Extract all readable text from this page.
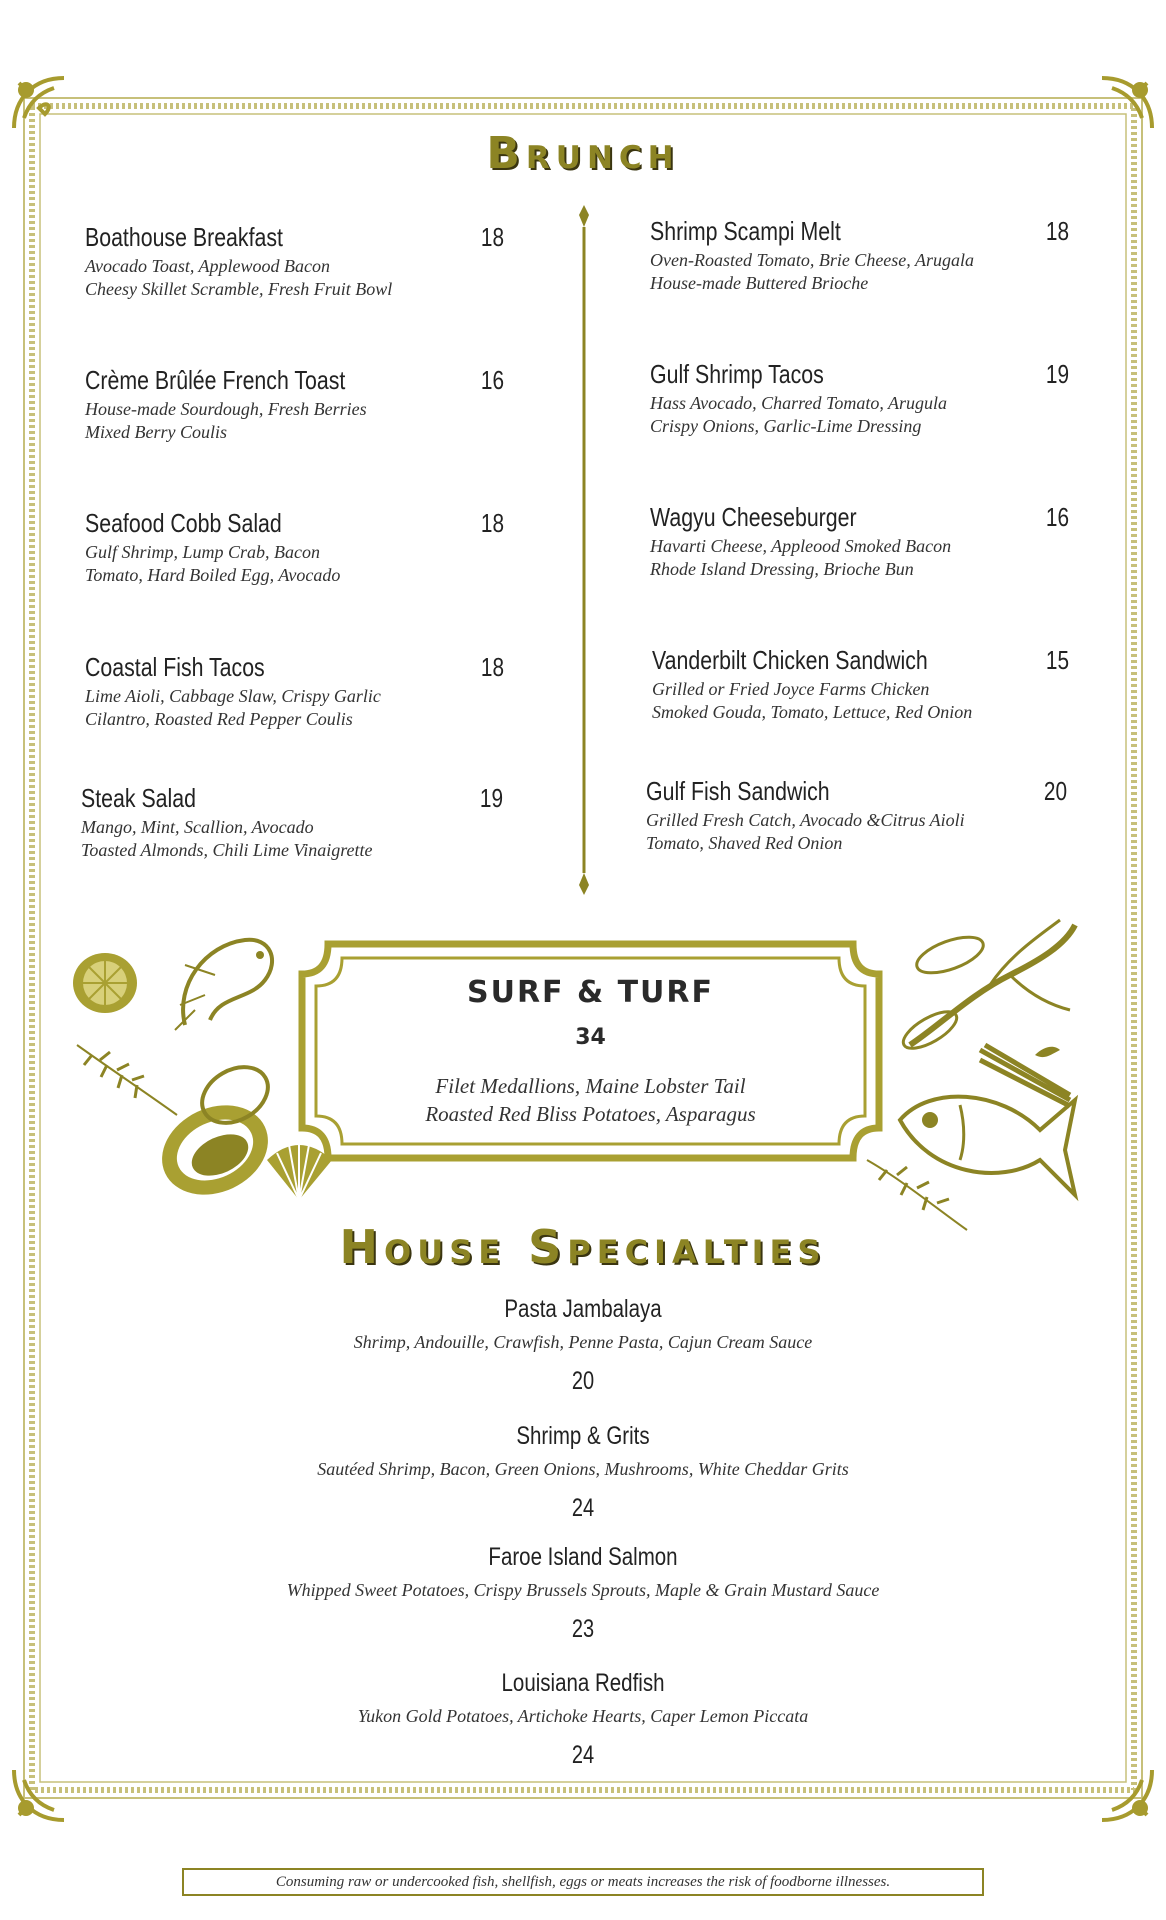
Brunch
Boathouse Breakfast	18
Avocado Toast, Applewood Bacon
Cheesy Skillet Scramble, Fresh Fruit Bowl
Crème Brûlée French Toast	16
House-made Sourdough, Fresh Berries
Mixed Berry Coulis
Seafood Cobb Salad	18
Gulf Shrimp, Lump Crab, Bacon
Tomato, Hard Boiled Egg, Avocado
Coastal Fish Tacos	18
Lime Aioli, Cabbage Slaw, Crispy Garlic
Cilantro, Roasted Red Pepper Coulis
Steak Salad	19
Mango, Mint, Scallion, Avocado
Toasted Almonds, Chili Lime Vinaigrette
Shrimp Scampi Melt	18
Oven-Roasted Tomato, Brie Cheese, Arugala
House-made Buttered Brioche
Gulf Shrimp Tacos	19
Hass Avocado, Charred Tomato, Arugula
Crispy Onions, Garlic-Lime Dressing
Wagyu Cheeseburger	16
Havarti Cheese, Appleood Smoked Bacon
Rhode Island Dressing, Brioche Bun
Vanderbilt Chicken Sandwich	15
Grilled or Fried Joyce Farms Chicken
Smoked Gouda, Tomato, Lettuce, Red Onion
Gulf Fish Sandwich	20
Grilled Fresh Catch, Avocado &Citrus Aioli
Tomato, Shaved Red Onion
SURF & TURF
34
Filet Medallions, Maine Lobster Tail
Roasted Red Bliss Potatoes, Asparagus
House Specialties
Pasta Jambalaya
Shrimp, Andouille, Crawfish, Penne Pasta, Cajun Cream Sauce
20
Shrimp & Grits
Sautéed Shrimp, Bacon, Green Onions, Mushrooms, White Cheddar Grits
24
Faroe Island Salmon
Whipped Sweet Potatoes, Crispy Brussels Sprouts, Maple & Grain Mustard Sauce
23
Louisiana Redfish
Yukon Gold Potatoes, Artichoke Hearts, Caper Lemon Piccata
24
Consuming raw or undercooked fish, shellfish, eggs or meats increases the risk of foodborne illnesses.
